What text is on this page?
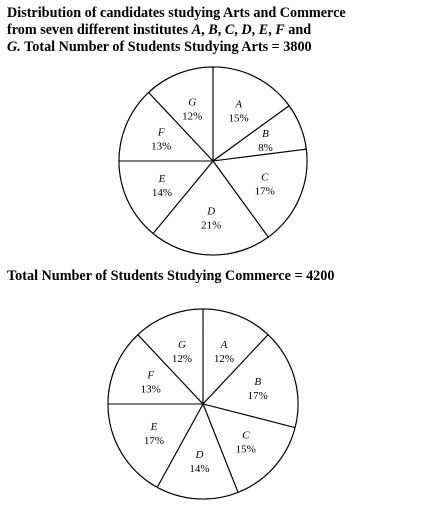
Distribution of candidates studying Arts and Commerce
from seven different institutes A, B, C, D, E, F and
G. Total Number of Students Studying Arts = 3800
A
15%
B
8%
C
17%
D
21%
E
14%
F
13%
G
12%
Total Number of Students Studying Commerce = 4200
A
12%
B
17%
C
15%
D
14%
E
17%
F
13%
G
12%
